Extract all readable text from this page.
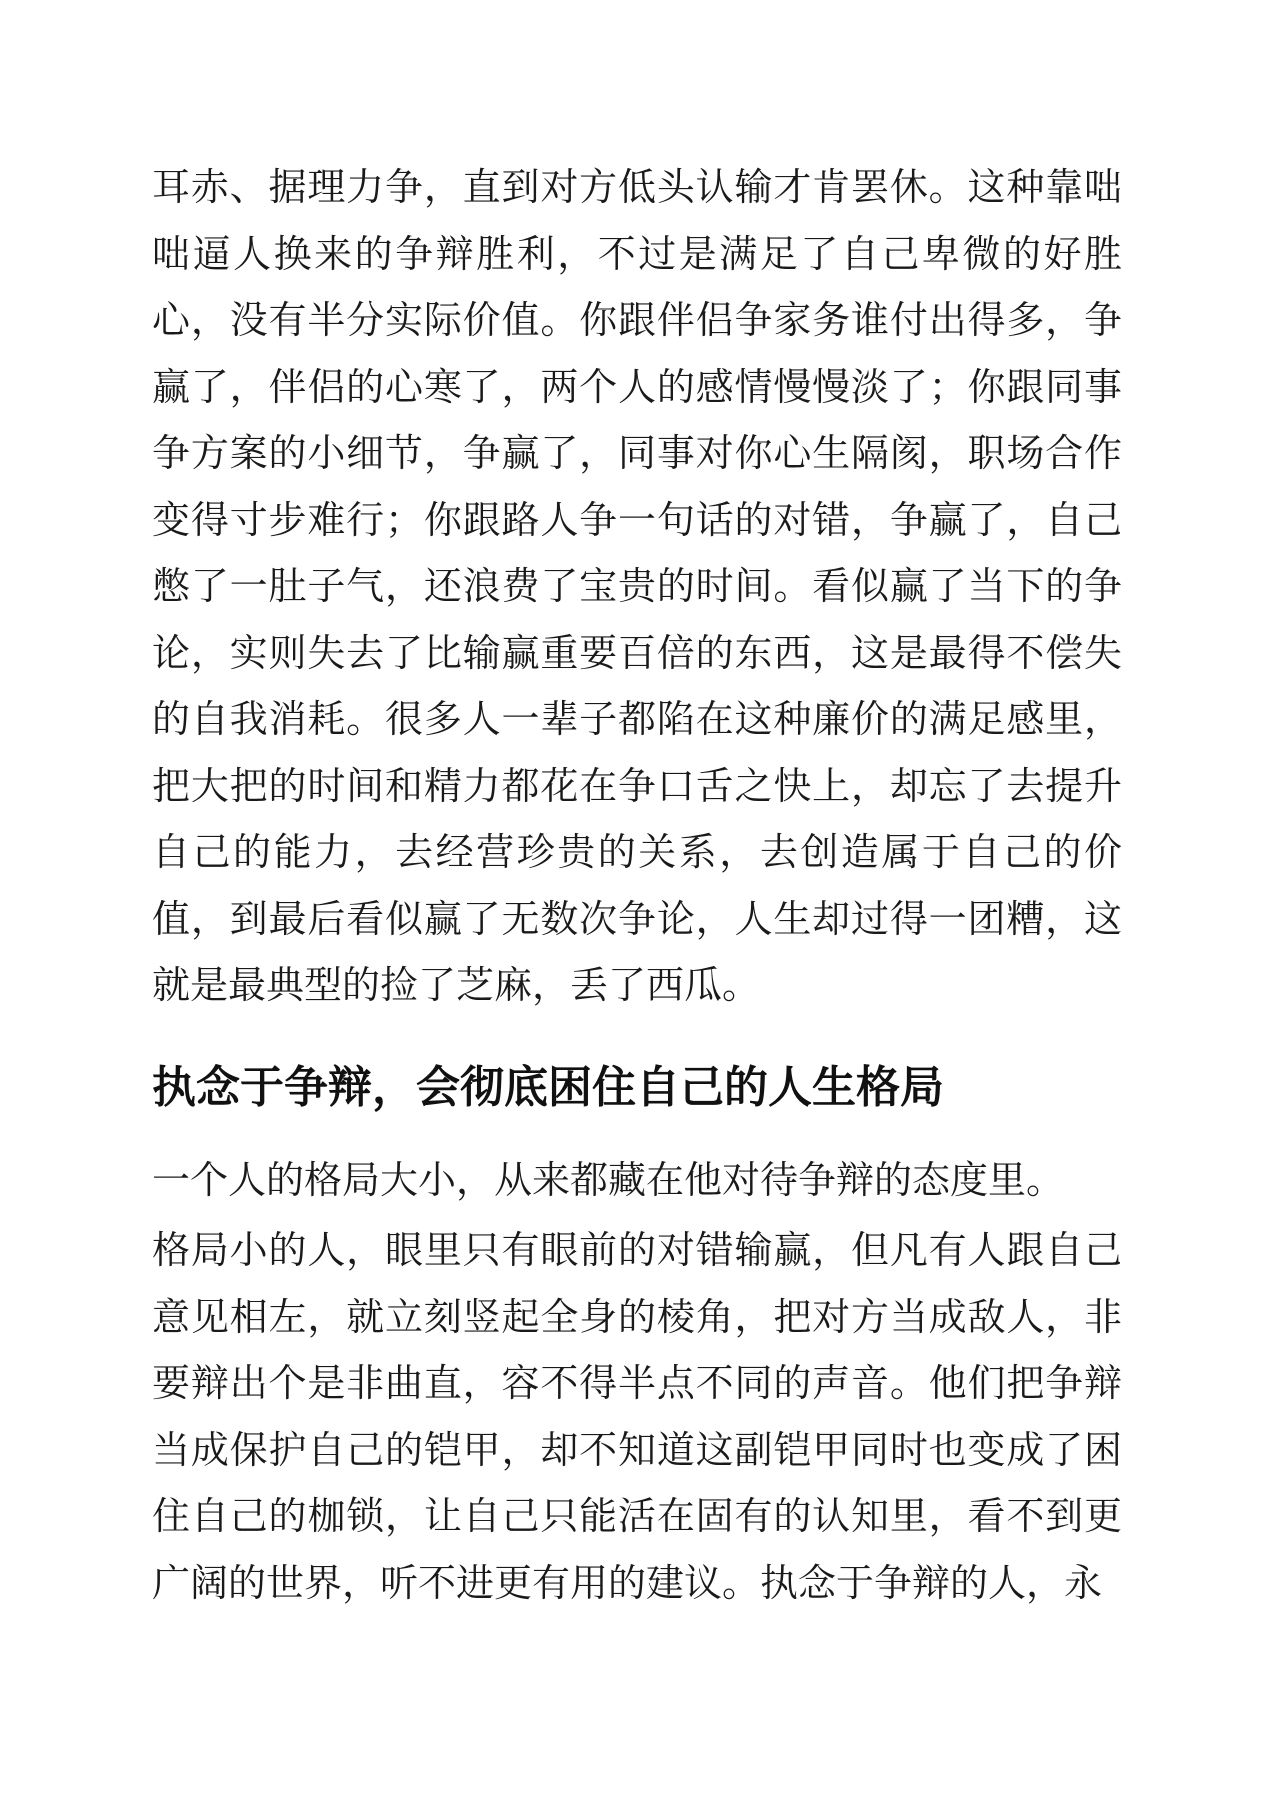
耳赤、据理力争，直到对方低头认输才肯罢休。这种靠咄咄逼人换来的争辩胜利，不过是满足了自己卑微的好胜心，没有半分实际价值。你跟伴侣争家务谁付出得多，争赢了，伴侣的心寒了，两个人的感情慢慢淡了；你跟同事争方案的小细节，争赢了，同事对你心生隔阂，职场合作变得寸步难行；你跟路人争一句话的对错，争赢了，自己憋了一肚子气，还浪费了宝贵的时间。看似赢了当下的争论，实则失去了比输赢重要百倍的东西，这是最得不偿失的自我消耗。很多人一辈子都陷在这种廉价的满足感里，把大把的时间和精力都花在争口舌之快上，却忘了去提升自己的能力，去经营珍贵的关系，去创造属于自己的价值，到最后看似赢了无数次争论，人生却过得一团糟，这就是最典型的捡了芝麻，丢了西瓜。

执念于争辩，会彻底困住自己的人生格局

一个人的格局大小，从来都藏在他对待争辩的态度里。

格局小的人，眼里只有眼前的对错输赢，但凡有人跟自己意见相左，就立刻竖起全身的棱角，把对方当成敌人，非要辩出个是非曲直，容不得半点不同的声音。他们把争辩当成保护自己的铠甲，却不知道这副铠甲同时也变成了困住自己的枷锁，让自己只能活在固有的认知里，看不到更广阔的世界，听不进更有用的建议。执念于争辩的人，永
